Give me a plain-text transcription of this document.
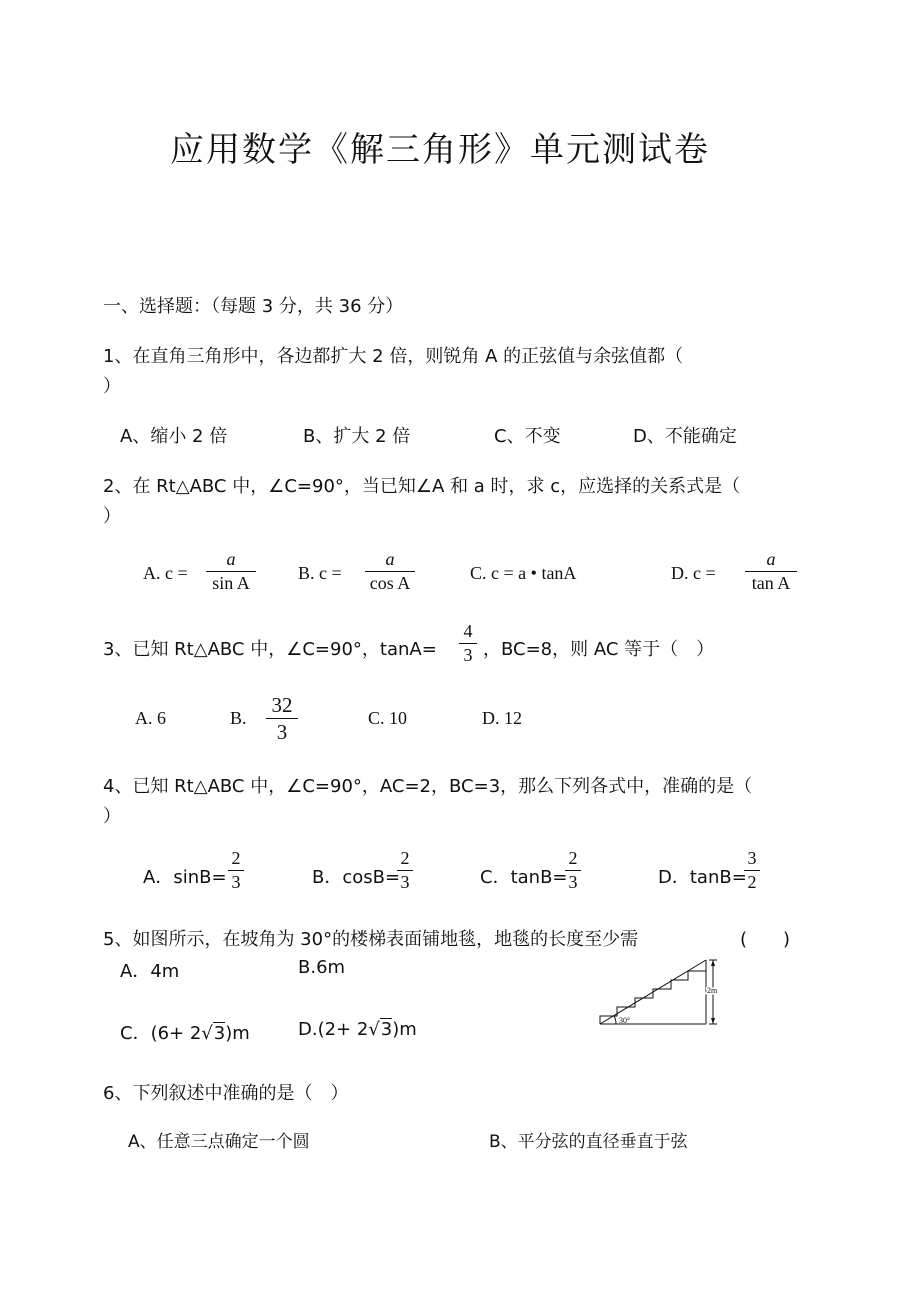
应用数学《解三角形》单元测试卷
一、选择题：（每题 3 分，共 36 分）
1、在直角三角形中，各边都扩大 2 倍，则锐角 A 的正弦值与余弦值都（
）
A、缩小 2 倍	B、扩大 2 倍	C、不变	D、不能确定
2、在 Rt△ABC 中，∠C=90°，当已知∠A 和 a 时，求 c，应选择的关系式是（
）
A. c =
a
sin A	B. c =
a
cos A	C. c = a • tanA	D. c =
a
tan A
3、已知 Rt△ABC 中，∠C=90°，tanA=
4
3 ，BC=8，则 AC 等于（　）
A. 6	B.
32
3
C. 10	D. 12
4、已知 Rt△ABC 中，∠C=90°，AC=2，BC=3，那么下列各式中，准确的是（
）
A．sinB=
2
3	B．cosB=
2
3	C．tanB=
2
3	D．tanB=
3
2
5、如图所示，在坡角为 30°的楼梯表面铺地毯，地毯的长度至少需	(　　)
A．4m	B.6m
C．(6+ 2√3)m	D.(2+ 2√3)m
2m
30°
6、下列叙述中准确的是（　）
A、任意三点确定一个圆	B、平分弦的直径垂直于弦
